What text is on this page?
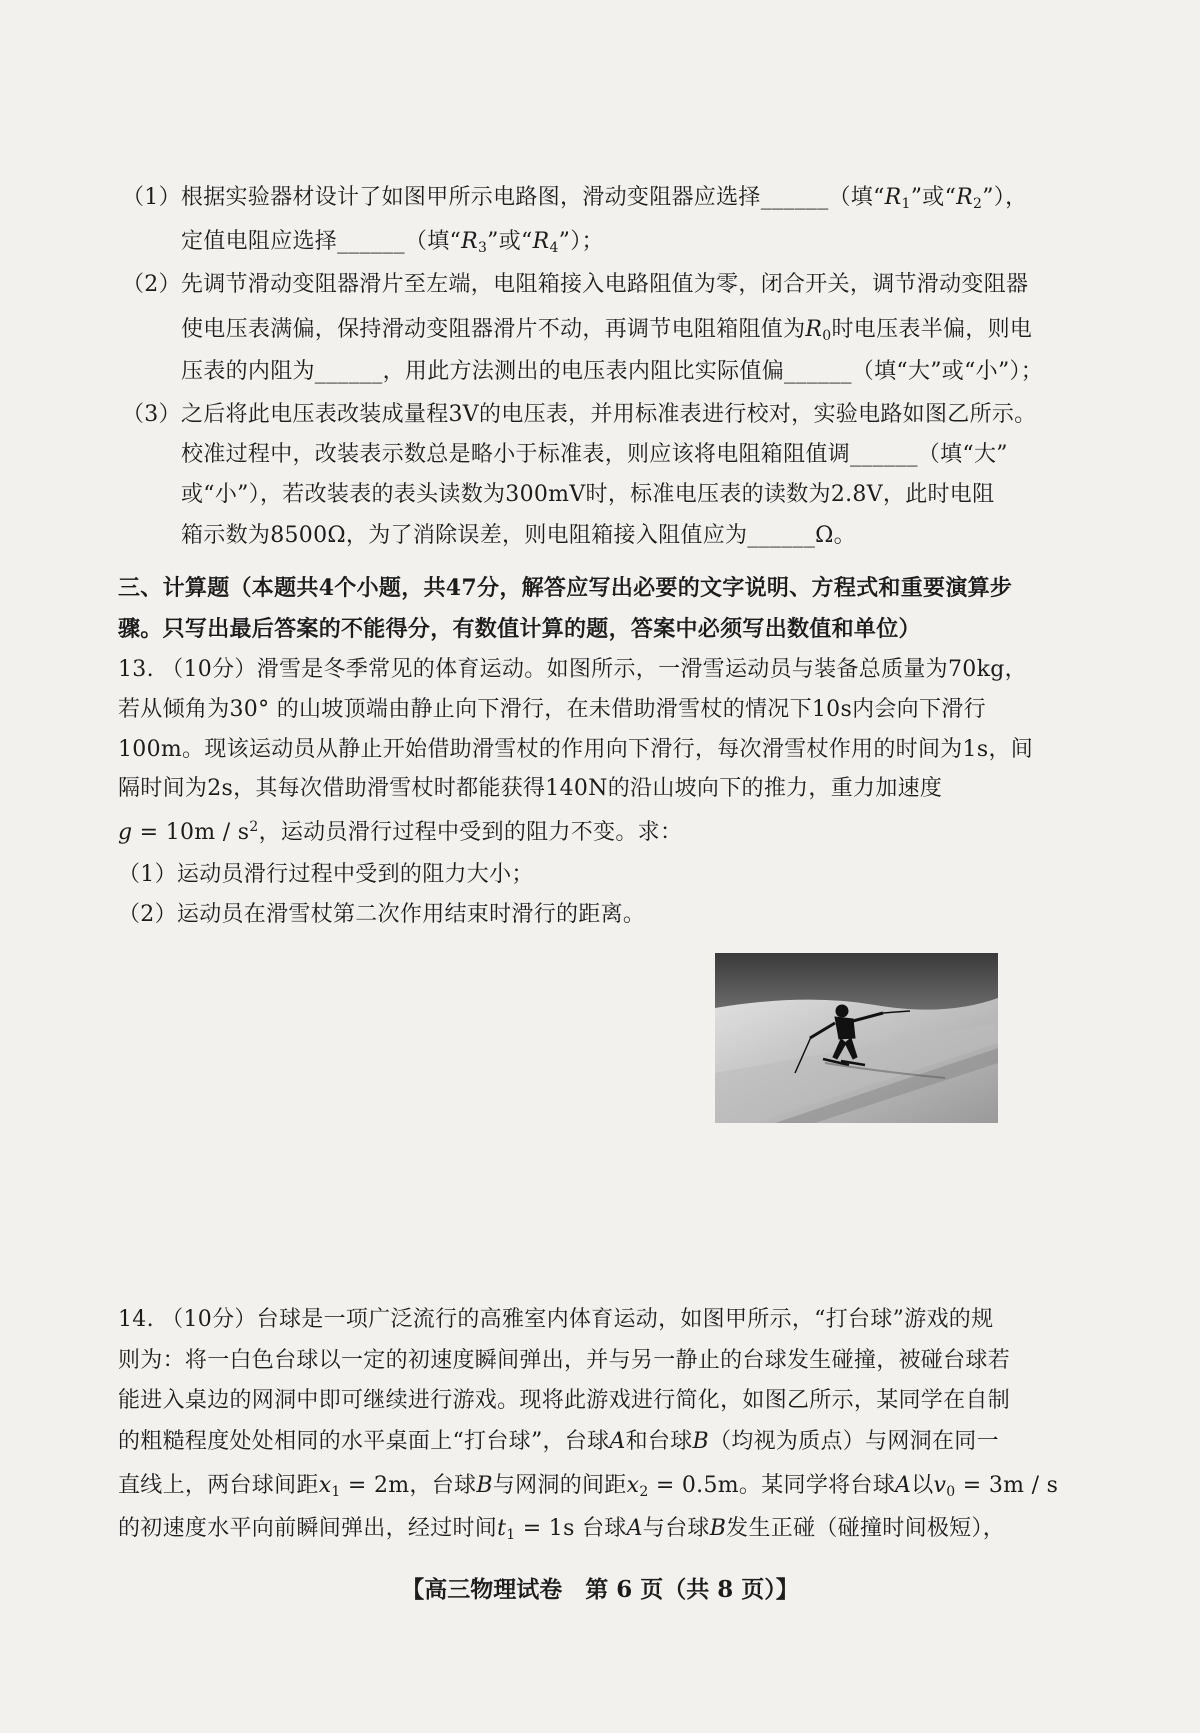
（1）根据实验器材设计了如图甲所示电路图，滑动变阻器应选择______（填“$R_1$”或“$R_2$”），
定值电阻应选择______（填“$R_3$”或“$R_4$”）；
（2）先调节滑动变阻器滑片至左端，电阻箱接入电路阻值为零，闭合开关，调节滑动变阻器
使电压表满偏，保持滑动变阻器滑片不动，再调节电阻箱阻值为$R_0$时电压表半偏，则电
压表的内阻为______，用此方法测出的电压表内阻比实际值偏______（填“大”或“小”）；
（3）之后将此电压表改装成量程3V的电压表，并用标准表进行校对，实验电路如图乙所示。
校准过程中，改装表示数总是略小于标准表，则应该将电阻箱阻值调______（填“大”
或“小”），若改装表的表头读数为300mV时，标准电压表的读数为2.8V，此时电阻
箱示数为8500Ω，为了消除误差，则电阻箱接入阻值应为______Ω。
三、计算题（本题共4个小题，共47分，解答应写出必要的文字说明、方程式和重要演算步
骤。只写出最后答案的不能得分，有数值计算的题，答案中必须写出数值和单位）
13. （10分）滑雪是冬季常见的体育运动。如图所示，一滑雪运动员与装备总质量为70kg，
若从倾角为30° 的山坡顶端由静止向下滑行，在未借助滑雪杖的情况下10s内会向下滑行
100m。现该运动员从静止开始借助滑雪杖的作用向下滑行，每次滑雪杖作用的时间为1s，间
隔时间为2s，其每次借助滑雪杖时都能获得140N的沿山坡向下的推力，重力加速度
$g = 10m / s^2$，运动员滑行过程中受到的阻力不变。求：
（1）运动员滑行过程中受到的阻力大小；
（2）运动员在滑雪杖第二次作用结束时滑行的距离。
14. （10分）台球是一项广泛流行的高雅室内体育运动，如图甲所示，“打台球”游戏的规
则为：将一白色台球以一定的初速度瞬间弹出，并与另一静止的台球发生碰撞，被碰台球若
能进入桌边的网洞中即可继续进行游戏。现将此游戏进行简化，如图乙所示，某同学在自制
的粗糙程度处处相同的水平桌面上“打台球”，台球A和台球B（均视为质点）与网洞在同一
直线上，两台球间距$x_1 = 2m$，台球B与网洞的间距$x_2 = 0.5m$。某同学将台球A以$v_0 = 3m / s$
的初速度水平向前瞬间弹出，经过时间$t_1 = 1s$ 台球A与台球B发生正碰（碰撞时间极短），
【高三物理试卷　第 6 页（共 8 页）】
